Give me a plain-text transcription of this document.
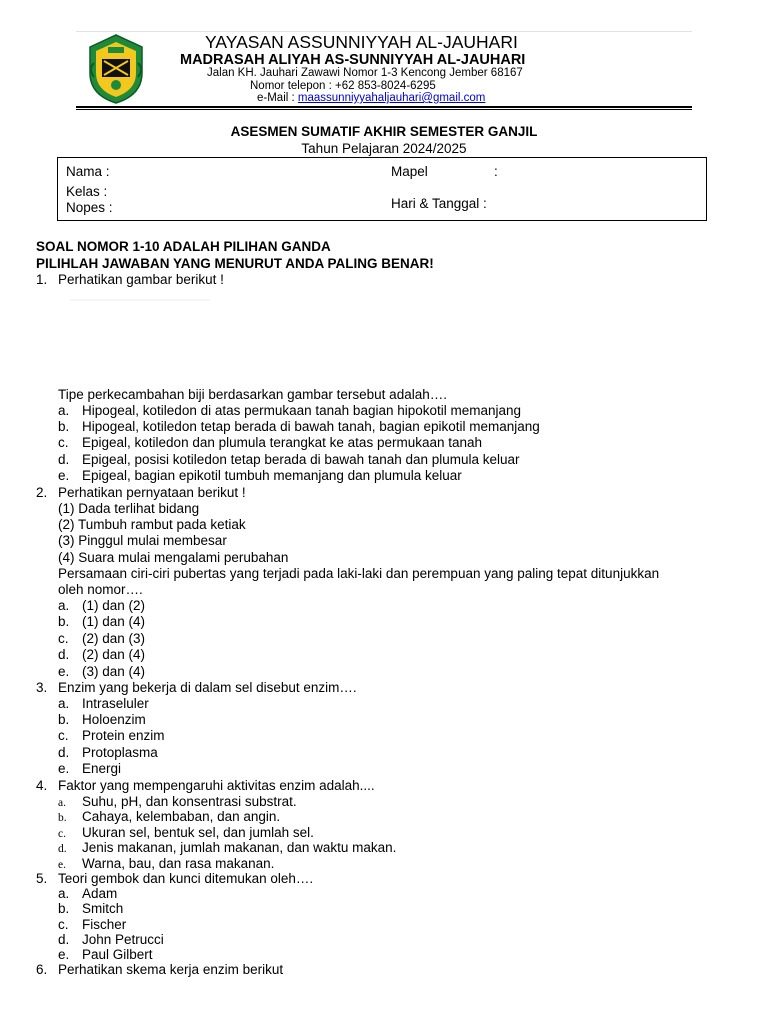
YAYASAN ASSUNNIYYAH AL-JAUHARI
MADRASAH ALIYAH AS-SUNNIYYAH AL-JAUHARI
Jalan KH. Jauhari Zawawi Nomor 1-3 Kencong Jember 68167
Nomor telepon : +62 853-8024-6295
e-Mail : maassunniyyahaljauhari@gmail.com
ASESMEN SUMATIF AKHIR SEMESTER GANJIL
Tahun Pelajaran 2024/2025
Nama :	Mapel	:
Kelas :
Nopes :	Hari & Tanggal :
SOAL NOMOR 1-10 ADALAH PILIHAN GANDA
PILIHLAH JAWABAN YANG MENURUT ANDA PALING BENAR!
1. Perhatikan gambar berikut !
Tipe perkecambahan biji berdasarkan gambar tersebut adalah….
a. Hipogeal, kotiledon di atas permukaan tanah bagian hipokotil memanjang
b. Hipogeal, kotiledon tetap berada di bawah tanah, bagian epikotil memanjang
c. Epigeal, kotiledon dan plumula terangkat ke atas permukaan tanah
d. Epigeal, posisi kotiledon tetap berada di bawah tanah dan plumula keluar
e. Epigeal, bagian epikotil tumbuh memanjang dan plumula keluar
2. Perhatikan pernyataan berikut !
(1) Dada terlihat bidang
(2) Tumbuh rambut pada ketiak
(3) Pinggul mulai membesar
(4) Suara mulai mengalami perubahan
Persamaan ciri-ciri pubertas yang terjadi pada laki-laki dan perempuan yang paling tepat ditunjukkan
oleh nomor….
a. (1) dan (2)
b. (1) dan (4)
c. (2) dan (3)
d. (2) dan (4)
e. (3) dan (4)
3. Enzim yang bekerja di dalam sel disebut enzim….
a. Intraseluler
b. Holoenzim
c. Protein enzim
d. Protoplasma
e. Energi
4. Faktor yang mempengaruhi aktivitas enzim adalah....
a. Suhu, pH, dan konsentrasi substrat.
b. Cahaya, kelembaban, dan angin.
c. Ukuran sel, bentuk sel, dan jumlah sel.
d. Jenis makanan, jumlah makanan, dan waktu makan.
e. Warna, bau, dan rasa makanan.
5. Teori gembok dan kunci ditemukan oleh….
a. Adam
b. Smitch
c. Fischer
d. John Petrucci
e. Paul Gilbert
6. Perhatikan skema kerja enzim berikut
